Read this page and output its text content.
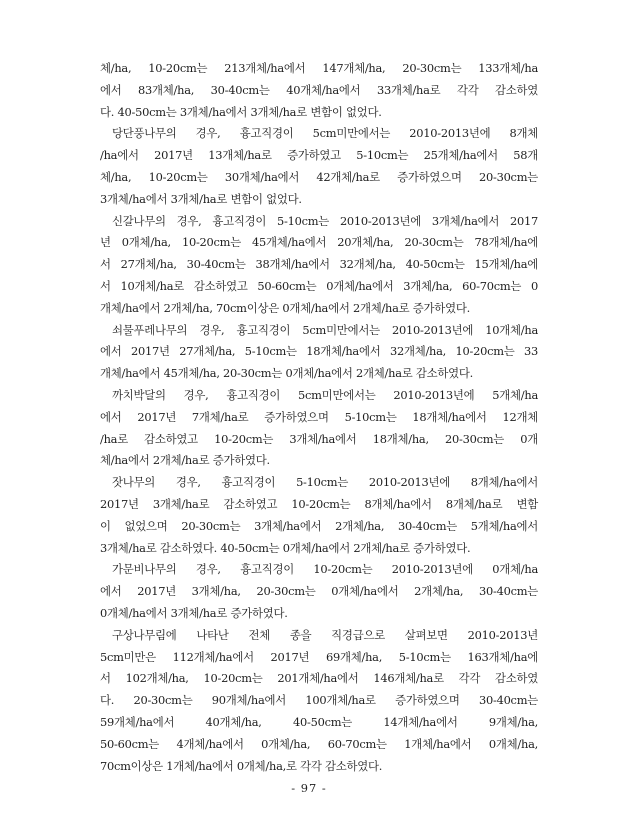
체/ha, 10-20cm는 213개체/ha에서 147개체/ha, 20-30cm는 133개체/ha
에서 83개체/ha, 30-40cm는 40개체/ha에서 33개체/ha로 각각 감소하였
다. 40-50cm는 3개체/ha에서 3개체/ha로 변함이 없었다.
당단풍나무의 경우, 흉고직경이 5cm미만에서는 2010-2013년에 8개체
/ha에서 2017년 13개체/ha로 증가하였고 5-10cm는 25개체/ha에서 58개
체/ha, 10-20cm는 30개체/ha에서 42개체/ha로 증가하였으며 20-30cm는
3개체/ha에서 3개체/ha로 변함이 없었다.
신갈나무의 경우, 흉고직경이 5-10cm는 2010-2013년에 3개체/ha에서 2017
년 0개체/ha, 10-20cm는 45개체/ha에서 20개체/ha, 20-30cm는 78개체/ha에
서 27개체/ha, 30-40cm는 38개체/ha에서 32개체/ha, 40-50cm는 15개체/ha에
서 10개체/ha로 감소하였고 50-60cm는 0개체/ha에서 3개체/ha, 60-70cm는 0
개체/ha에서 2개체/ha, 70cm이상은 0개체/ha에서 2개체/ha로 증가하였다.
쇠물푸레나무의 경우, 흉고직경이 5cm미만에서는 2010-2013년에 10개체/ha
에서 2017년 27개체/ha, 5-10cm는 18개체/ha에서 32개체/ha, 10-20cm는 33
개체/ha에서 45개체/ha, 20-30cm는 0개체/ha에서 2개체/ha로 감소하였다.
까치박달의 경우, 흉고직경이 5cm미만에서는 2010-2013년에 5개체/ha
에서 2017년 7개체/ha로 증가하였으며 5-10cm는 18개체/ha에서 12개체
/ha로 감소하였고 10-20cm는 3개체/ha에서 18개체/ha, 20-30cm는 0개
체/ha에서 2개체/ha로 증가하였다.
잣나무의 경우, 흉고직경이 5-10cm는 2010-2013년에 8개체/ha에서
2017년 3개체/ha로 감소하였고 10-20cm는 8개체/ha에서 8개체/ha로 변함
이 없었으며 20-30cm는 3개체/ha에서 2개체/ha, 30-40cm는 5개체/ha에서
3개체/ha로 감소하였다. 40-50cm는 0개체/ha에서 2개체/ha로 증가하였다.
가문비나무의 경우, 흉고직경이 10-20cm는 2010-2013년에 0개체/ha
에서 2017년 3개체/ha, 20-30cm는 0개체/ha에서 2개체/ha, 30-40cm는
0개체/ha에서 3개체/ha로 증가하였다.
구상나무림에 나타난 전체 종을 직경급으로 살펴보면 2010-2013년
5cm미만은 112개체/ha에서 2017년 69개체/ha, 5-10cm는 163개체/ha에
서 102개체/ha, 10-20cm는 201개체/ha에서 146개체/ha로 각각 감소하였
다. 20-30cm는 90개체/ha에서 100개체/ha로 증가하였으며 30-40cm는
59개체/ha에서 40개체/ha, 40-50cm는 14개체/ha에서 9개체/ha,
50-60cm는 4개체/ha에서 0개체/ha, 60-70cm는 1개체/ha에서 0개체/ha,
70cm이상은 1개체/ha에서 0개체/ha,로 각각 감소하였다.
- 97 -
